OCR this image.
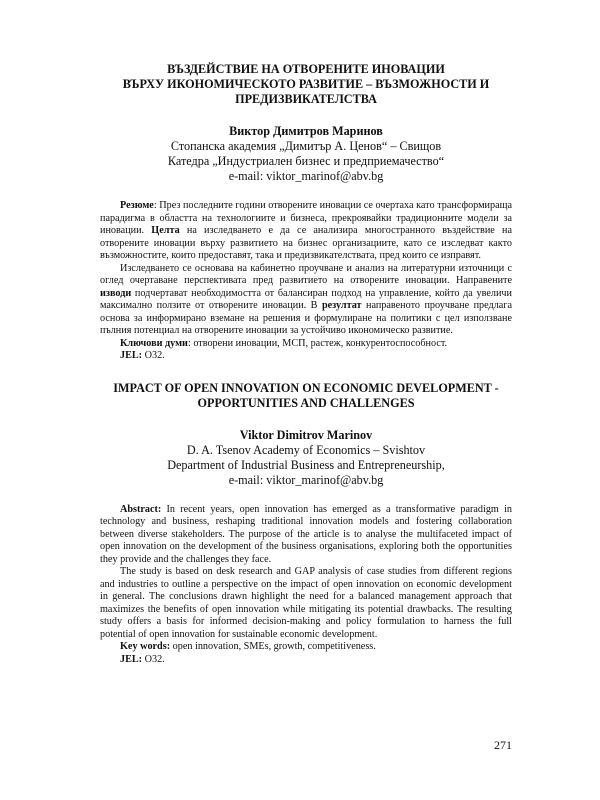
ВЪЗДЕЙСТВИЕ НА ОТВОРЕНИТЕ ИНОВАЦИИ
ВЪРХУ ИКОНОМИЧЕСКОТО РАЗВИТИЕ – ВЪЗМОЖНОСТИ И
ПРЕДИЗВИКАТЕЛСТВА
Виктор Димитров Маринов
Стопанска академия „Димитър А. Ценов“ – Свищов
Катедра „Индустриален бизнес и предприемачество“
e-mail: viktor_marinof@abv.bg

Резюме: През последните години отворените иновации се очертаха като трансформираща парадигма в областта на технологиите и бизнеса, прекроявайки традиционните модели за иновации. Целта на изследването е да се анализира многостранното въздействие на отворените иновации върху развитието на бизнес организациите, като се изследват както възможностите, които предоставят, така и предизвикателствата, пред които се изправят.

Изследването се основава на кабинетно проучване и анализ на литературни източници с оглед очертаване перспективата пред развитието на отворените иновации. Направените изводи подчертават необходимостта от балансиран подход на управление, който да увеличи максимално ползите от отворените иновации. В резултат направеното проучване предлага основа за информирано вземане на решения и формулиране на политики с цел използване пълния потенциал на отворените иновации за устойчиво икономическо развитие.

Ключови думи: отворени иновации, МСП, растеж, конкурентоспособност.

JEL: O32.

IMPACT OF OPEN INNOVATION ON ECONOMIC DEVELOPMENT -
OPPORTUNITIES AND CHALLENGES
Viktor Dimitrov Marinov
D. A. Tsenov Academy of Economics – Svishtov
Department of Industrial Business and Entrepreneurship,
e-mail: viktor_marinof@abv.bg

Abstract: In recent years, open innovation has emerged as a transformative paradigm in technology and business, reshaping traditional innovation models and fostering collaboration between diverse stakeholders. The purpose of the article is to analyse the multifaceted impact of open innovation on the development of the business organisations, exploring both the opportunities they provide and the challenges they face.

The study is based on desk research and GAP analysis of case studies from different regions and industries to outline a perspective on the impact of open innovation on economic development in general. The conclusions drawn highlight the need for a balanced management approach that maximizes the benefits of open innovation while mitigating its potential drawbacks. The resulting study offers a basis for informed decision-making and policy formulation to harness the full potential of open innovation for sustainable economic development.

Key words: open innovation, SMEs, growth, competitiveness.

JEL: O32.

271
